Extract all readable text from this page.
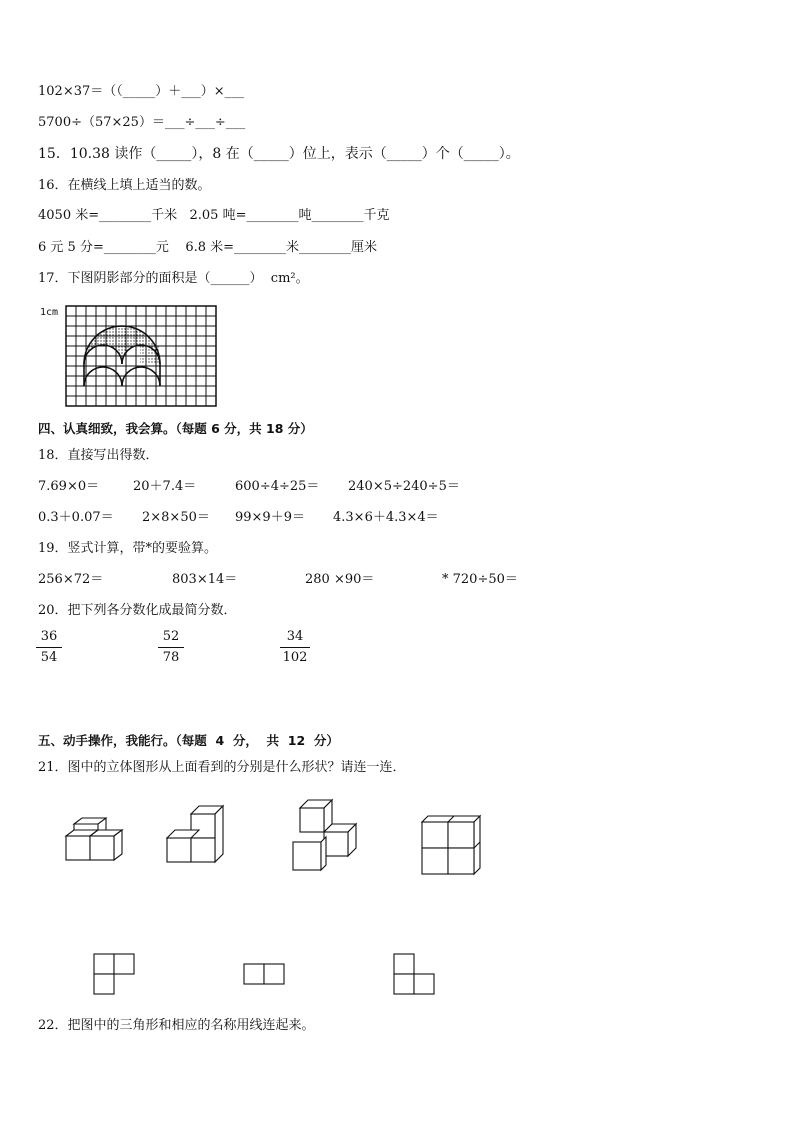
102×37＝（（_____）＋___）×___
5700÷（57×25）＝___÷___÷___
15．10.38 读作（_____），8 在（_____）位上，表示（_____）个（_____）。
16．在横线上填上适当的数。
4050 米=________千米   2.05 吨=________吨________千克
6 元 5 分=________元    6.8 米=________米________厘米
17．下图阴影部分的面积是（______）  cm²。
1cm
四、认真细致，我会算。（每题 6 分，共 18 分）
18．直接写出得数．
7.69×0＝	20＋7.4＝	600÷4÷25＝ 240×5÷240÷5＝
0.3＋0.07＝ 2×8×50＝ 99×9＋9＝ 4.3×6＋4.3×4＝
19．竖式计算，带*的要验算。
256×72＝	803×14＝	280 ×90＝	* 720÷50＝
20．把下列各分数化成最简分数．
36
54
52
78
34
102
五、动手操作，我能行。（每题  4  分，  共  12  分）
21．图中的立体图形从上面看到的分别是什么形状？请连一连．
22．把图中的三角形和相应的名称用线连起来。
